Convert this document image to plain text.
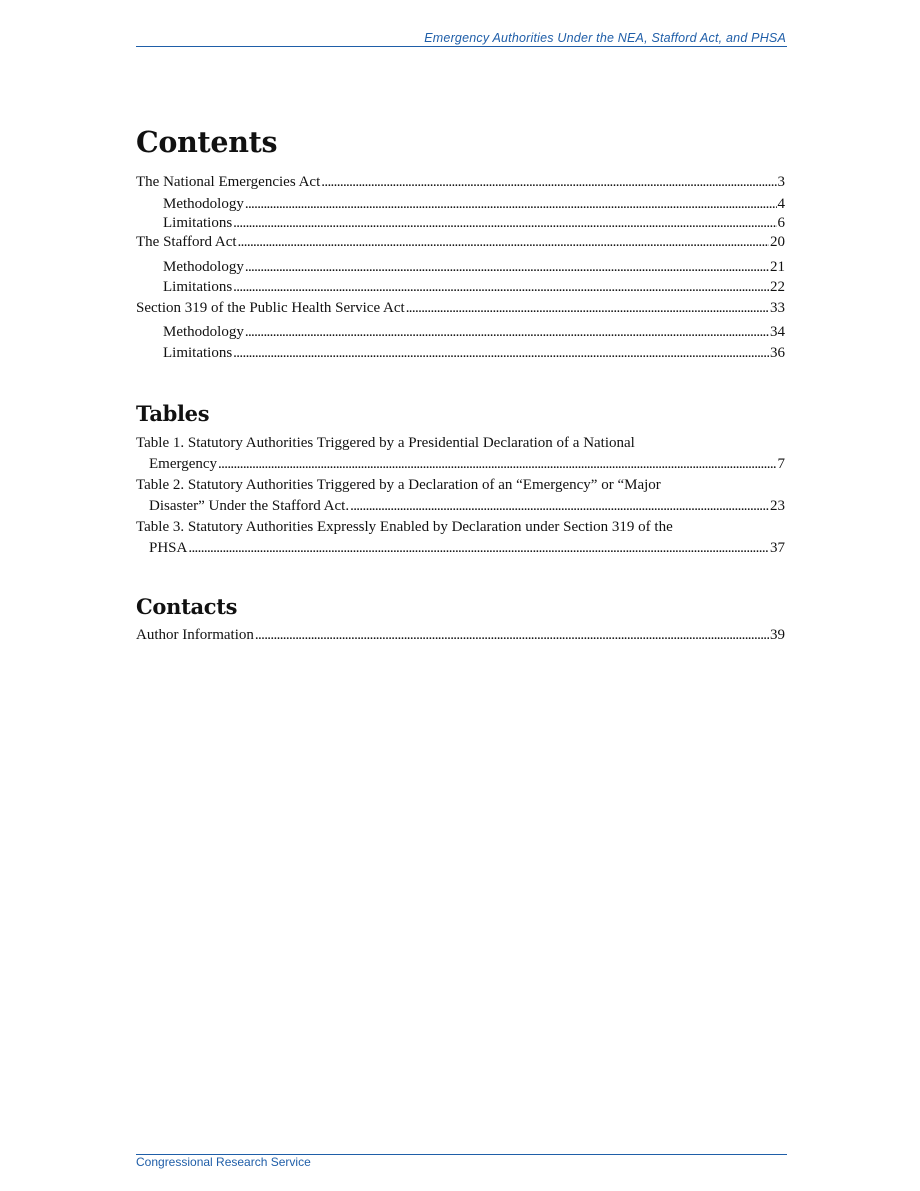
Emergency Authorities Under the NEA, Stafford Act, and PHSA
Contents
The National Emergencies Act . . .	3
Methodology . . .	4
Limitations . . .	6
The Stafford Act . . .	20
Methodology . . .	21
Limitations . . .	22
Section 319 of the Public Health Service Act . . .	33
Methodology . . .	34
Limitations . . .	36
Tables
Table 1. Statutory Authorities Triggered by a Presidential Declaration of a National
Emergency . . .	7
Table 2. Statutory Authorities Triggered by a Declaration of an “Emergency” or “Major
Disaster” Under the Stafford Act. . . .	23
Table 3. Statutory Authorities Expressly Enabled by Declaration under Section 319 of the
PHSA . . .	37
Contacts
Author Information . . .	39
Congressional Research Service
